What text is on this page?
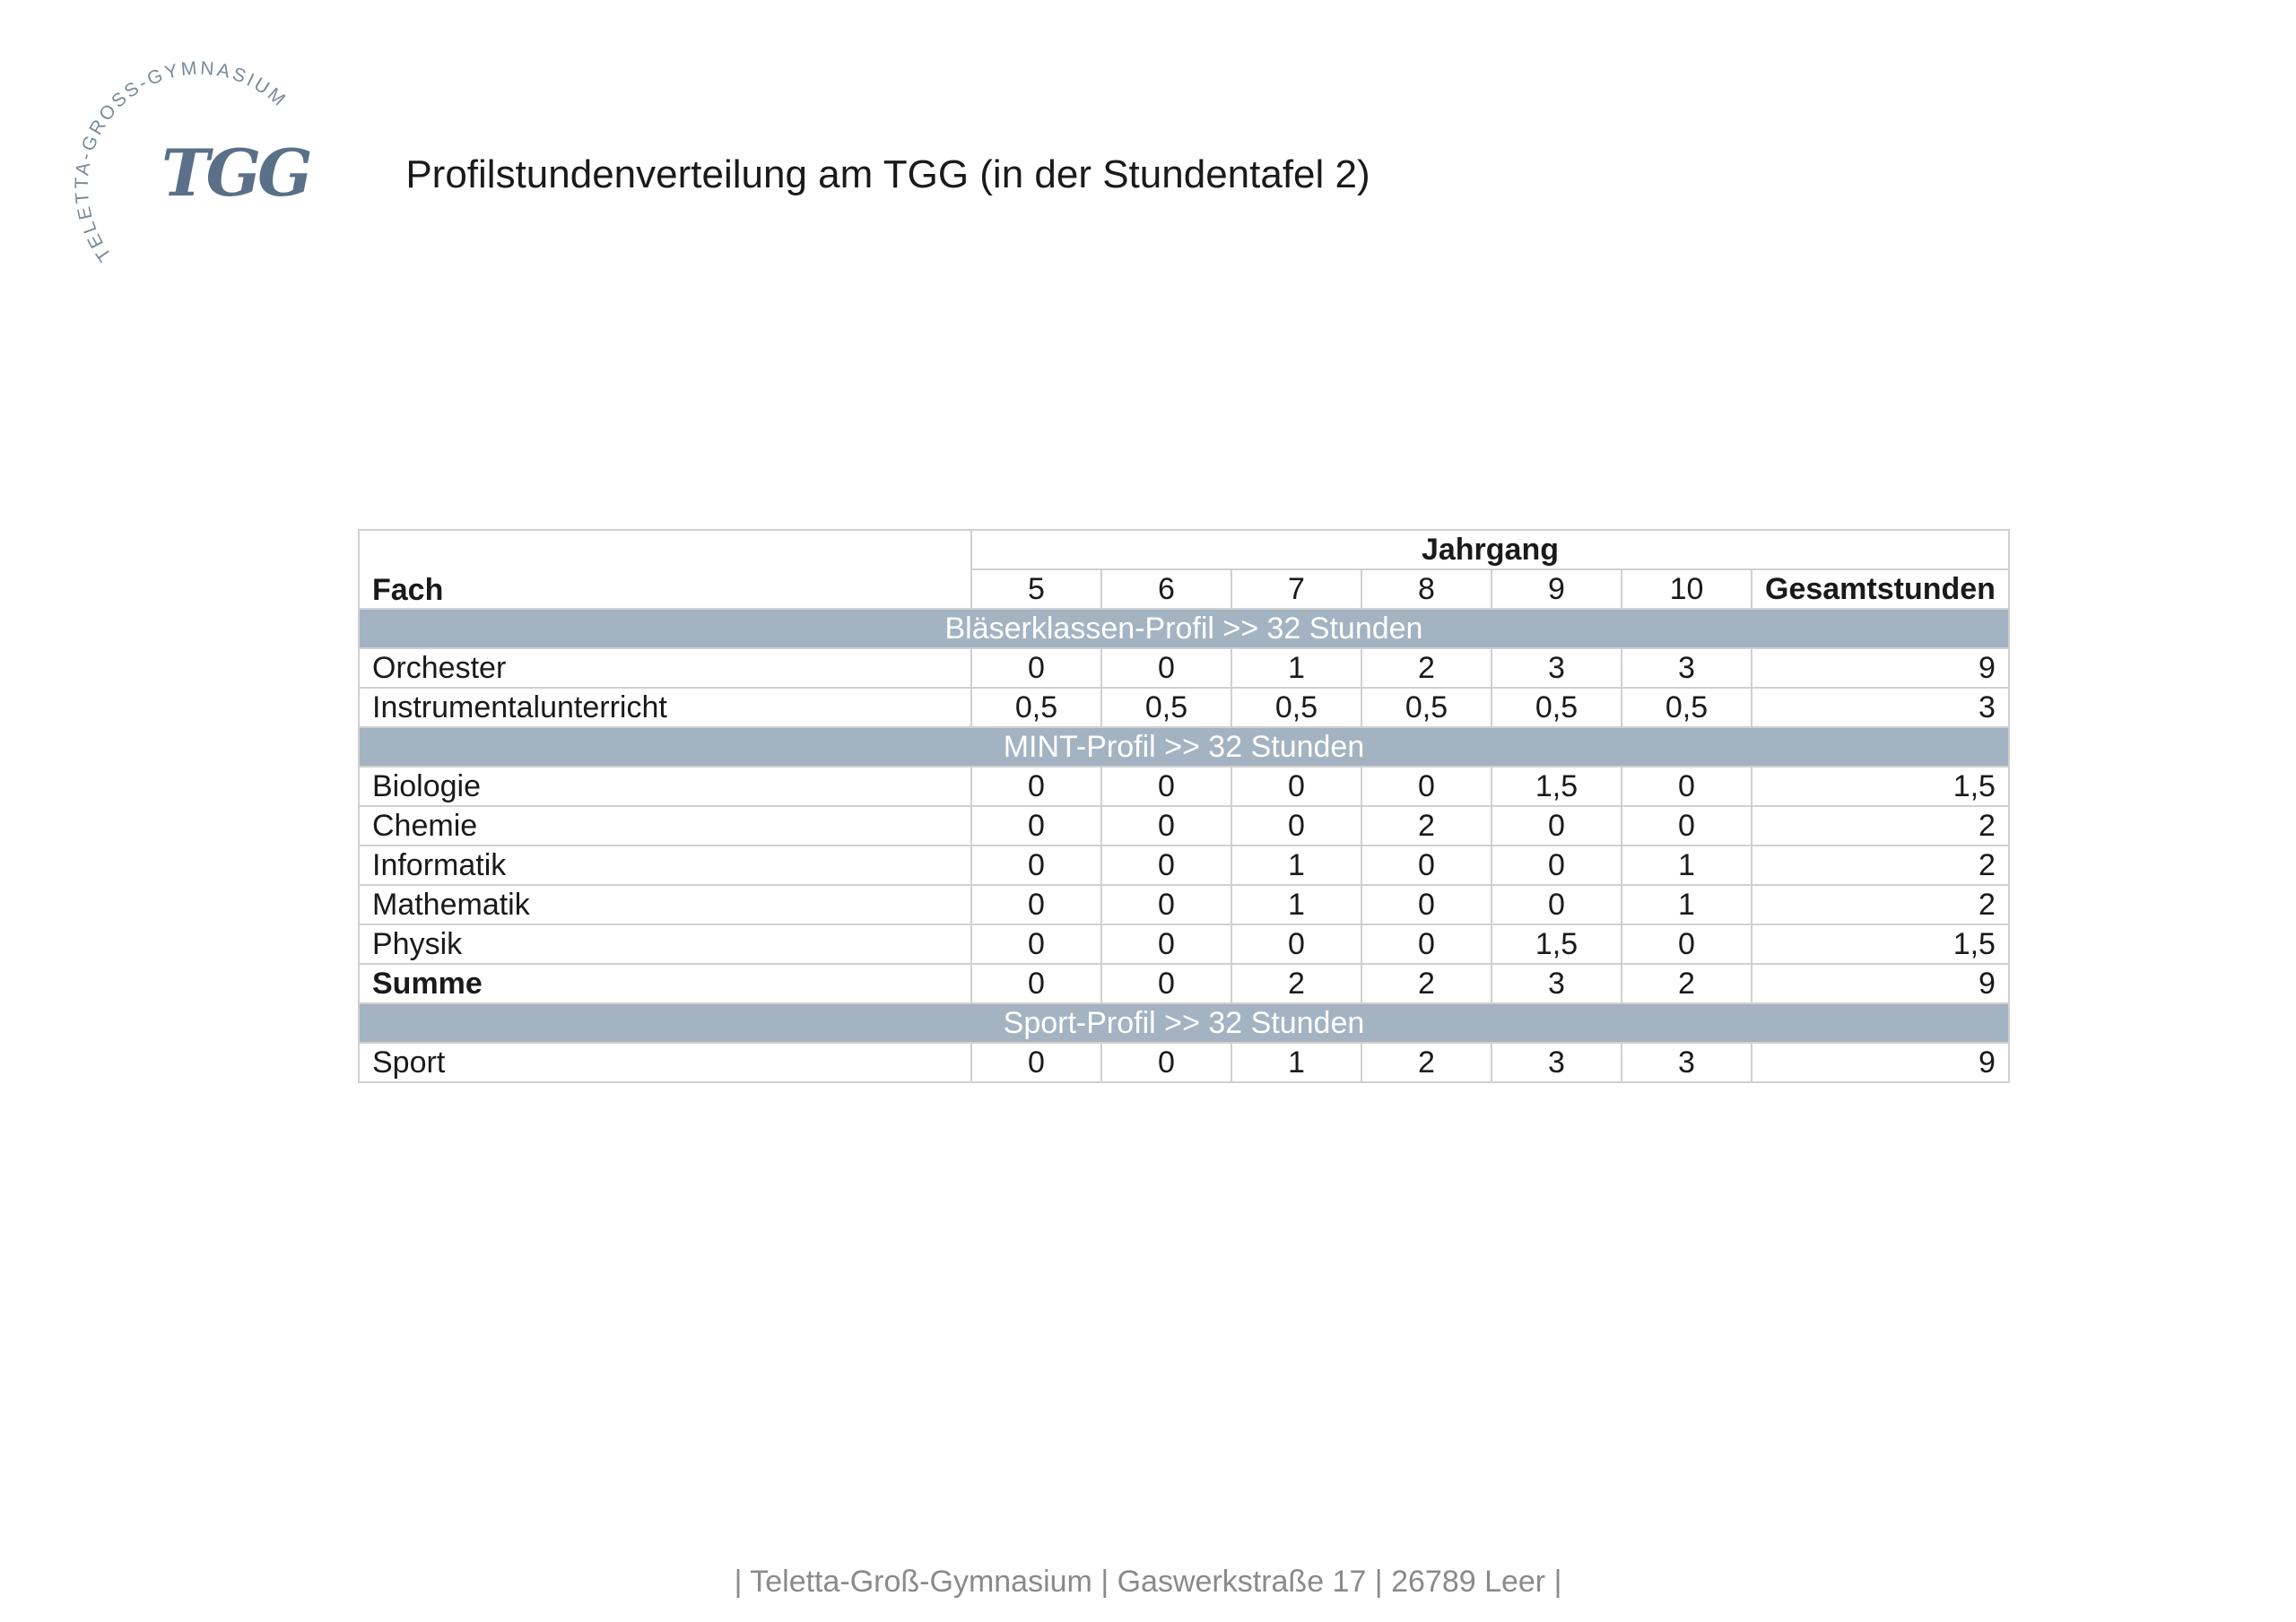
TELETTA-GROSS-GYMNASIUM
TGG	Profilstundenverteilung am TGG (in der Stundentafel 2)
Fach	Jahrgang						
	5	6	7	8	9	10	Gesamtstunden
Bläserklassen-Profil >> 32 Stunden							
Orchester	0	0	1	2	3	3	9
Instrumentalunterricht	0,5	0,5	0,5	0,5	0,5	0,5	3
MINT-Profil >> 32 Stunden							
Biologie	0	0	0	0	1,5	0	1,5
Chemie	0	0	0	2	0	0	2
Informatik	0	0	1	0	0	1	2
Mathematik	0	0	1	0	0	1	2
Physik	0	0	0	0	1,5	0	1,5
Summe	0	0	2	2	3	2	9
Sport-Profil >> 32 Stunden							
Sport	0	0	1	2	3	3	9
| Teletta-Groß-Gymnasium | Gaswerkstraße 17 | 26789 Leer |
